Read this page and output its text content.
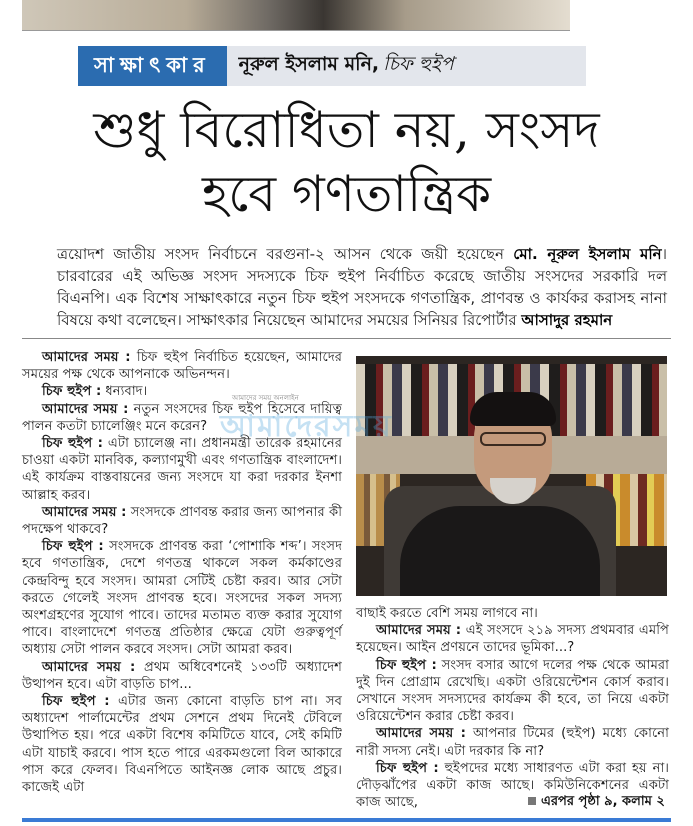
সাক্ষাৎকার	নূরুল ইসলাম মনি, চিফ হুইপ
শুধু বিরোধিতা নয়, সংসদ
হবে গণতান্ত্রিক
ত্রয়োদশ জাতীয় সংসদ নির্বাচনে বরগুনা-২ আসন থেকে জয়ী হয়েছেন মো. নূরুল ইসলাম মনি। চারবারের এই অভিজ্ঞ সংসদ সদস্যকে চিফ হুইপ নির্বাচিত করেছে জাতীয় সংসদের সরকারি দল বিএনপি। এক বিশেষ সাক্ষাৎকারে নতুন চিফ হুইপ সংসদকে গণতান্ত্রিক, প্রাণবন্ত ও কার্যকর করাসহ নানা বিষয়ে কথা বলেছেন। সাক্ষাৎকার নিয়েছেন আমাদের সময়ের সিনিয়র রিপোর্টার আসাদুর রহমান

আমাদের সময় : চিফ হুইপ নির্বাচিত হয়েছেন, আমাদের সময়ের পক্ষ থেকে আপনাকে অভিনন্দন।

চিফ হুইপ : ধন্যবাদ।

আমাদের সময় : নতুন সংসদের চিফ হুইপ হিসেবে দায়িত্ব পালন কতটা চ্যালেঞ্জিং মনে করেন?

চিফ হুইপ : এটা চ্যালেঞ্জ না। প্রধানমন্ত্রী তারেক রহমানের চাওয়া একটা মানবিক, কল্যাণমুখী এবং গণতান্ত্রিক বাংলাদেশ। এই কার্যক্রম বাস্তবায়নের জন্য সংসদে যা করা দরকার ইনশা আল্লাহ করব।

আমাদের সময় : সংসদকে প্রাণবন্ত করার জন্য আপনার কী পদক্ষেপ থাকবে?

চিফ হুইপ : সংসদকে প্রাণবন্ত করা ‘পোশাকি শব্দ’। সংসদ হবে গণতান্ত্রিক, দেশে গণতন্ত্র থাকলে সকল কর্মকাণ্ডের কেন্দ্রবিন্দু হবে সংসদ। আমরা সেটিই চেষ্টা করব। আর সেটা করতে গেলেই সংসদ প্রাণবন্ত হবে। সংসদের সকল সদস্য অংশগ্রহণের সুযোগ পাবে। তাদের মতামত ব্যক্ত করার সুযোগ পাবে। বাংলাদেশে গণতন্ত্র প্রতিষ্ঠার ক্ষেত্রে যেটা গুরুত্বপূর্ণ অধ্যায় সেটা পালন করবে সংসদ। সেটা আমরা করব।

আমাদের সময় : প্রথম অধিবেশনেই ১৩৩টি অধ্যাদেশ উত্থাপন হবে। এটা বাড়তি চাপ...

চিফ হুইপ : এটার জন্য কোনো বাড়তি চাপ না। সব অধ্যাদেশ পার্লামেন্টের প্রথম সেশনে প্রথম দিনেই টেবিলে উত্থাপিত হয়। পরে একটা বিশেষ কমিটিতে যাবে, সেই কমিটি এটা যাচাই করবে। পাস হতে পারে এরকমগুলো বিল আকারে পাস করে ফেলব। বিএনপিতে আইনজ্ঞ লোক আছে প্রচুর। কাজেই এটা

আমাদের সময় অনলাইন
আমাদেরসময়

বাছাই করতে বেশি সময় লাগবে না।

আমাদের সময় : এই সংসদে ২১৯ সদস্য প্রথমবার এমপি হয়েছেন। আইন প্রণয়নে তাদের ভূমিকা...?

চিফ হুইপ : সংসদ বসার আগে দলের পক্ষ থেকে আমরা দুই দিন প্রোগ্রাম রেখেছি। একটা ওরিয়েন্টেশন কোর্স করাব। সেখানে সংসদ সদস্যদের কার্যক্রম কী হবে, তা নিয়ে একটা ওরিয়েন্টেশন করার চেষ্টা করব।

আমাদের সময় : আপনার টিমের (হুইপ) মধ্যে কোনো নারী সদস্য নেই। এটা দরকার কি না?

চিফ হুইপ : হুইপদের মধ্যে সাধারণত এটা করা হয় না। দৌড়ঝাঁপের একটা কাজ আছে। কমিউনিকেশনের একটা কাজ আছে,	এরপর পৃষ্ঠা ৯, কলাম ২
